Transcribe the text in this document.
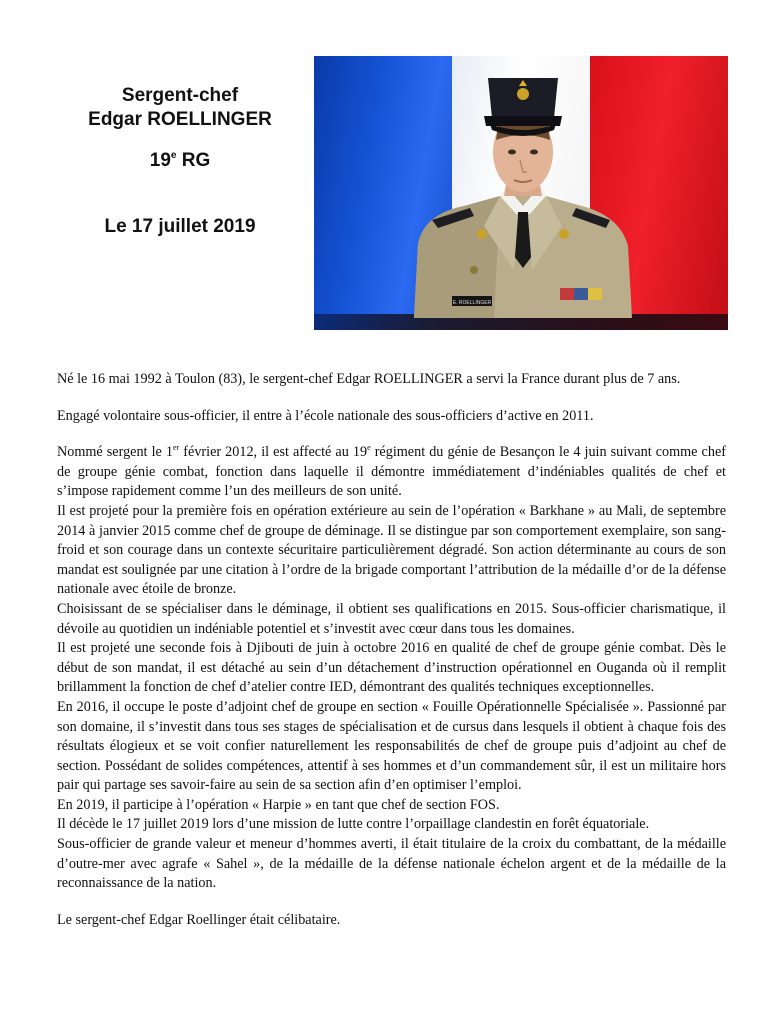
Sergent-chef
Edgar ROELLINGER
19e RG
Le 17 juillet 2019
E. ROELLINGER

Né le 16 mai 1992 à Toulon (83), le sergent-chef Edgar ROELLINGER a servi la France durant plus de 7 ans.

Engagé volontaire sous-officier, il entre à l’école nationale des sous-officiers d’active en 2011.

Nommé sergent le 1er février 2012, il est affecté au 19e régiment du génie de Besançon le 4 juin suivant comme chef de groupe génie combat, fonction dans laquelle il démontre immédiatement d’indéniables qualités de chef et s’impose rapidement comme l’un des meilleurs de son unité.

Il est projeté pour la première fois en opération extérieure au sein de l’opération « Barkhane » au Mali, de septembre 2014 à janvier 2015 comme chef de groupe de déminage. Il se distingue par son comportement exemplaire, son sang-froid et son courage dans un contexte sécuritaire particulièrement dégradé. Son action déterminante au cours de son mandat est soulignée par une citation à l’ordre de la brigade comportant l’attribution de la médaille d’or de la défense nationale avec étoile de bronze.

Choisissant de se spécialiser dans le déminage, il obtient ses qualifications en 2015. Sous-officier charismatique, il dévoile au quotidien un indéniable potentiel et s’investit avec cœur dans tous les domaines.

Il est projeté une seconde fois à Djibouti de juin à octobre 2016 en qualité de chef de groupe génie combat. Dès le début de son mandat, il est détaché au sein d’un détachement d’instruction opérationnel en Ouganda où il remplit brillamment la fonction de chef d’atelier contre IED, démontrant des qualités techniques exceptionnelles.

En 2016, il occupe le poste d’adjoint chef de groupe en section « Fouille Opérationnelle Spécialisée ». Passionné par son domaine, il s’investit dans tous ses stages de spécialisation et de cursus dans lesquels il obtient à chaque fois des résultats élogieux et se voit confier naturellement les responsabilités de chef de groupe puis d’adjoint au chef de section. Possédant de solides compétences, attentif à ses hommes et d’un commandement sûr, il est un militaire hors pair qui partage ses savoir-faire au sein de sa section afin d’en optimiser l’emploi.

En 2019, il participe à l’opération « Harpie » en tant que chef de section FOS.

Il décède le 17 juillet 2019 lors d’une mission de lutte contre l’orpaillage clandestin en forêt équatoriale.

Sous-officier de grande valeur et meneur d’hommes averti, il était titulaire de la croix du combattant, de la médaille d’outre-mer avec agrafe « Sahel », de la médaille de la défense nationale échelon argent et de la médaille de la reconnaissance de la nation.

Le sergent-chef Edgar Roellinger était célibataire.
